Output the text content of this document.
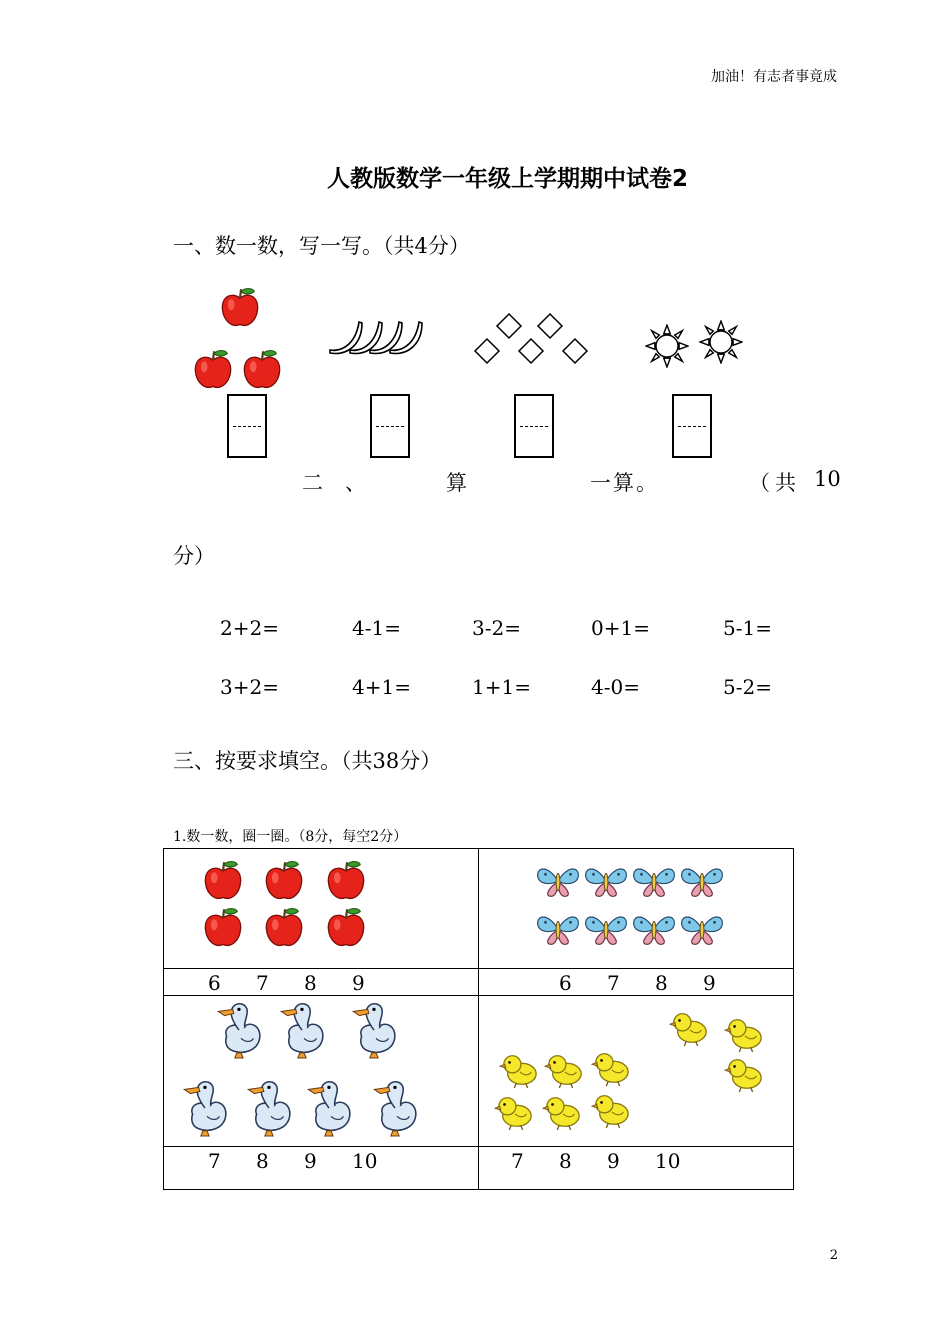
加油！有志者事竟成
人教版数学一年级上学期期中试卷2
一、数一数，写一写。（共4分）
二 、	算	一算。	（共 10
分）
2+2=	4-1=	3-2=	0+1=	5-1=
3+2=	4+1=	1+1=	4-0=	5-2=
三、按要求填空。（共38分）
1.数一数，圈一圈。（8分，每空2分）
6 7 8 9	6 7 8 9
7 8 9 10	7 8 9 10
2
